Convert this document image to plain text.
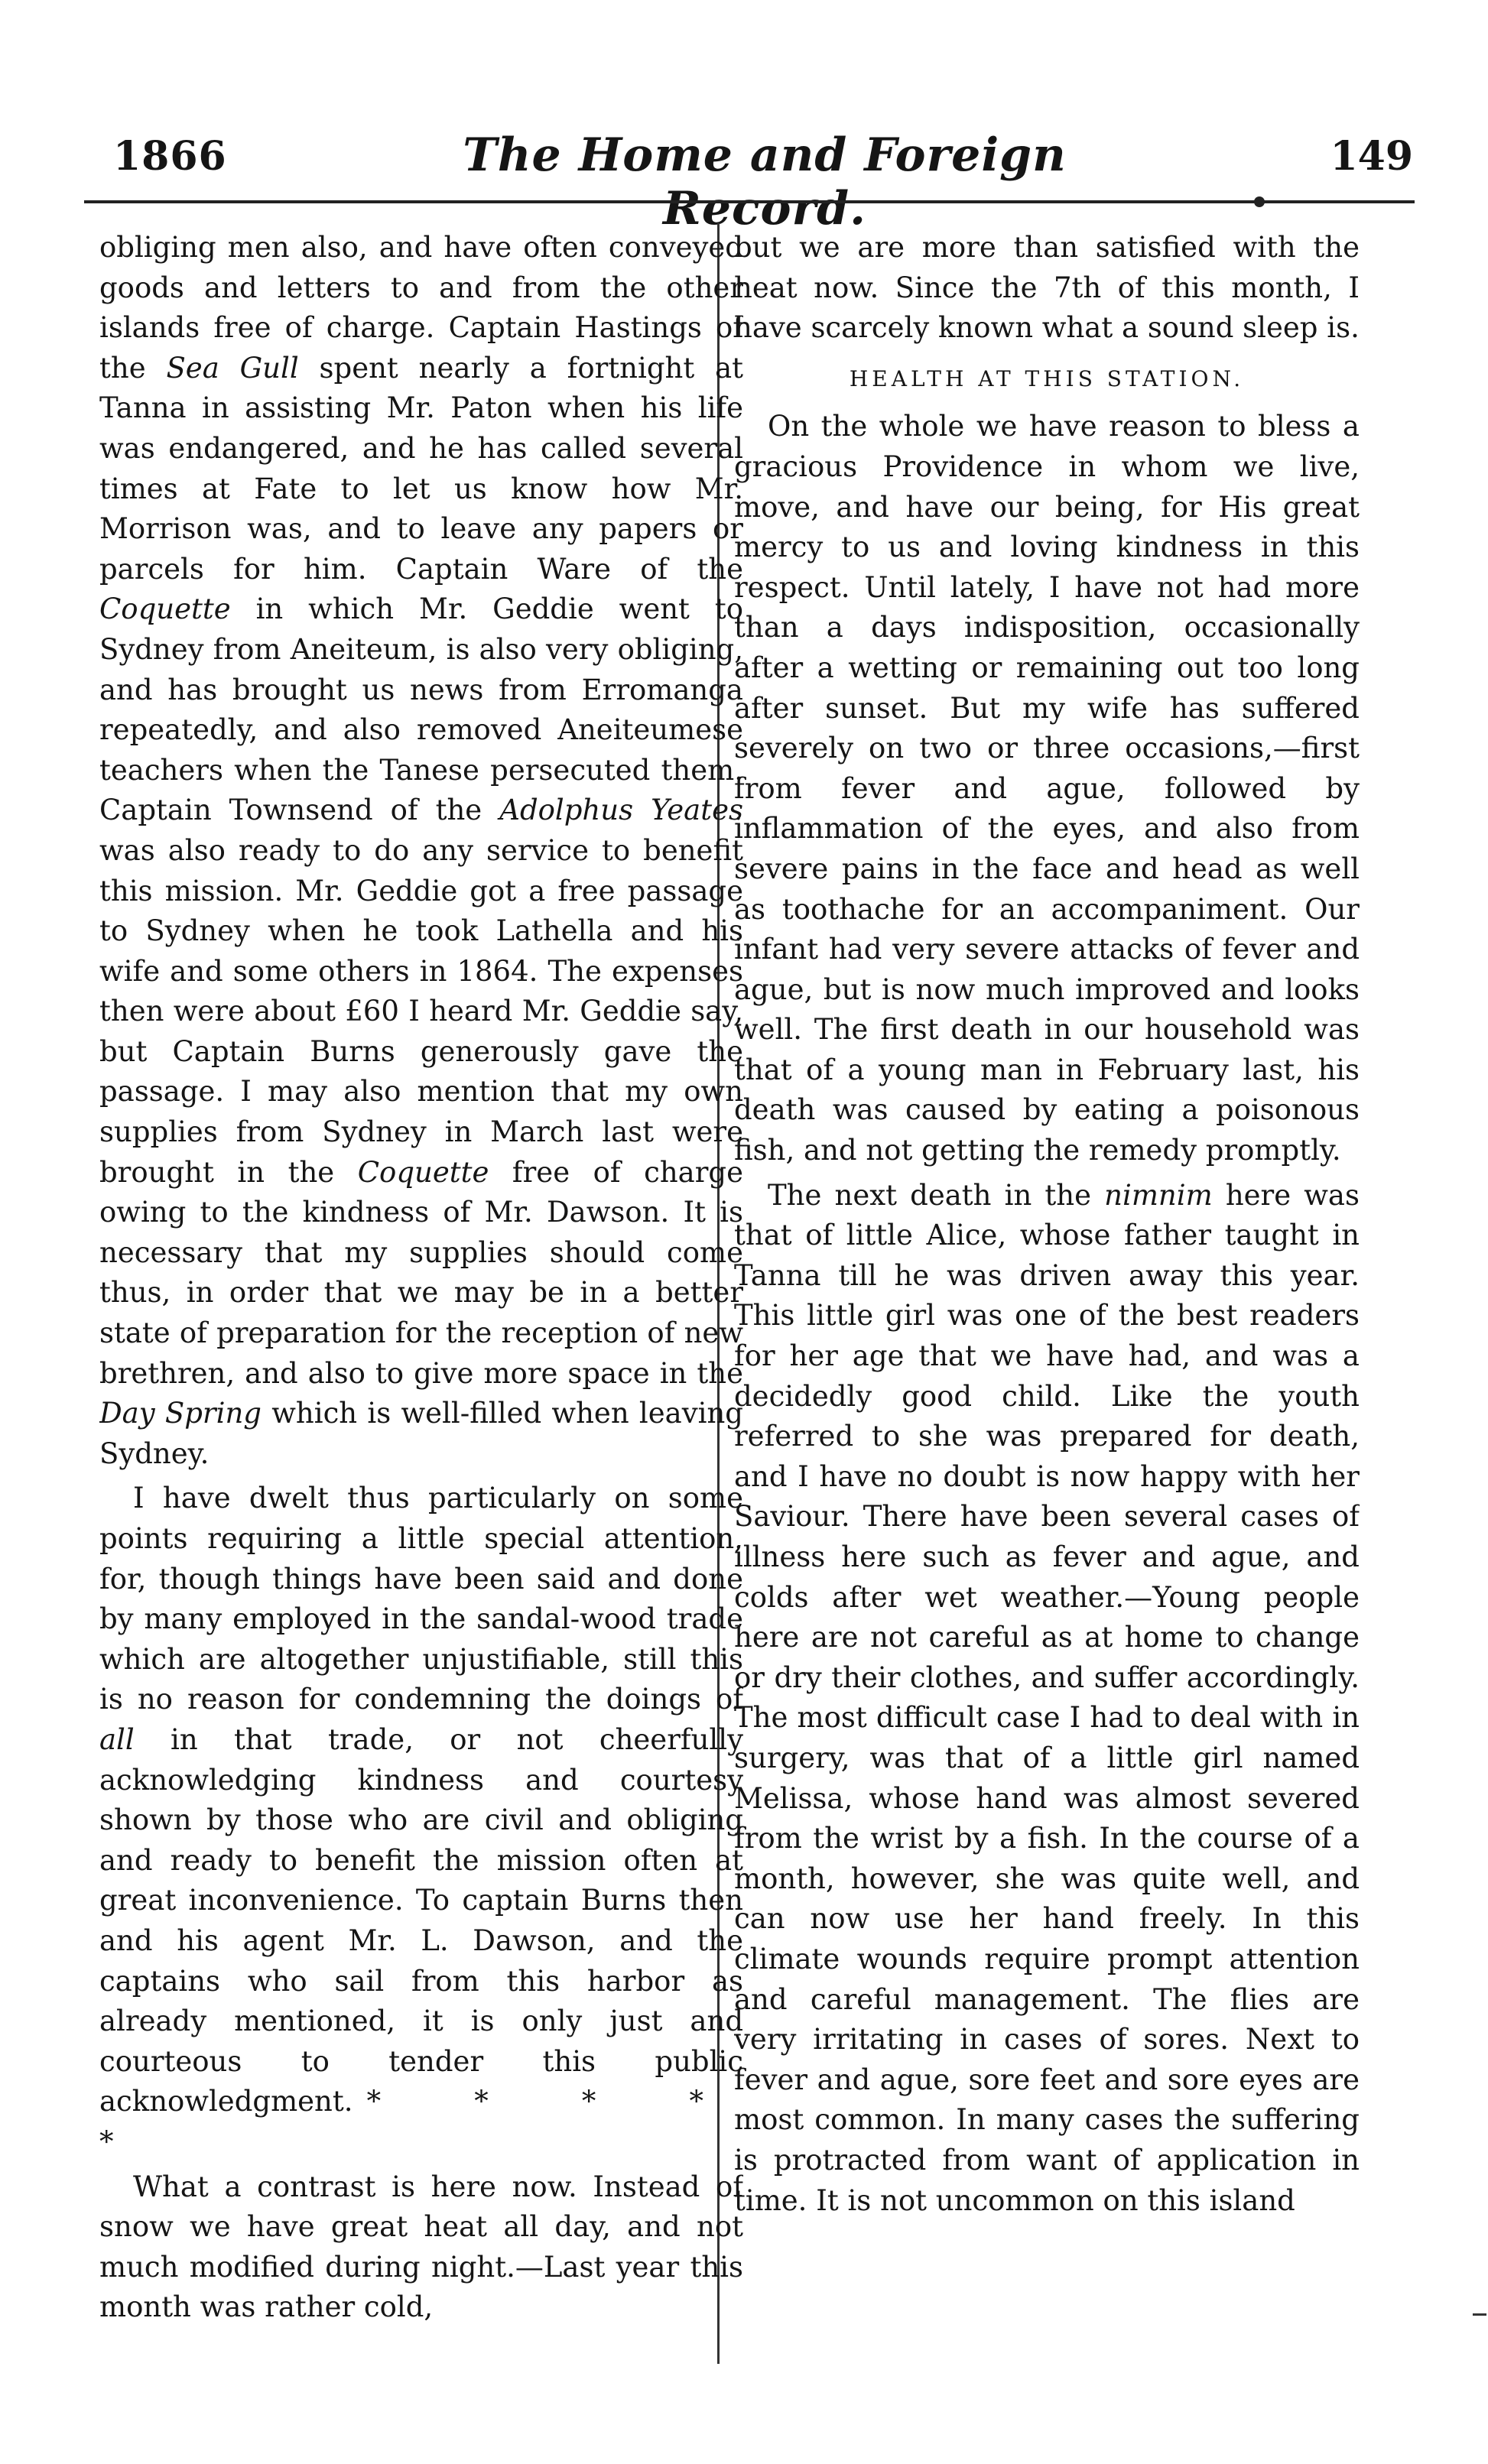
1866	The Home and Foreign Record.
149

obliging men also, and have often conveyed goods and letters to and from the other islands free of charge. Captain Hastings of the Sea Gull spent nearly a fortnight at Tanna in assisting Mr. Paton when his life was endangered, and he has called several times at Fate to let us know how Mr. Morrison was, and to leave any papers or parcels for him. Captain Ware of the Coquette in which Mr. Geddie went to Sydney from Aneiteum, is also very obliging, and has brought us news from Erromanga repeatedly, and also removed Aneiteumese teachers when the Tanese persecuted them. Captain Townsend of the Adolphus Yeates was also ready to do any service to benefit this mission. Mr. Geddie got a free passage to Sydney when he took Lathella and his wife and some others in 1864. The expenses then were about £60 I heard Mr. Geddie say, but Captain Burns generously gave the passage. I may also mention that my own supplies from Sydney in March last were brought in the Coquette free of charge owing to the kindness of Mr. Dawson. It is necessary that my supplies should come thus, in order that we may be in a better state of preparation for the reception of new brethren, and also to give more space in the Day Spring which is well-filled when leaving Sydney.

I have dwelt thus particularly on some points requiring a little special attention, for, though things have been said and done by many employed in the sandal-wood trade which are altogether unjustifiable, still this is no reason for condemning the doings of all in that trade, or not cheerfully acknowledging kindness and courtesy shown by those who are civil and obliging and ready to benefit the mission often at great inconvenience. To captain Burns then and his agent Mr. L. Dawson, and the captains who sail from this harbor as already mentioned, it is only just and courteous to tender this public acknowledgment. * * * * *

What a contrast is here now. Instead of snow we have great heat all day, and not much modified during night.—Last year this month was rather cold,

but we are more than satisfied with the heat now. Since the 7th of this month, I have scarcely known what a sound sleep is.

HEALTH AT THIS STATION.

On the whole we have reason to bless a gracious Providence in whom we live, move, and have our being, for His great mercy to us and loving kindness in this respect. Until lately, I have not had more than a days indisposition, occasionally after a wetting or remaining out too long after sunset. But my wife has suffered severely on two or three occasions,—first from fever and ague, followed by inflammation of the eyes, and also from severe pains in the face and head as well as toothache for an accompaniment. Our infant had very severe attacks of fever and ague, but is now much improved and looks well. The first death in our household was that of a young man in February last, his death was caused by eating a poisonous fish, and not getting the remedy promptly.

The next death in the nimnim here was that of little Alice, whose father taught in Tanna till he was driven away this year. This little girl was one of the best readers for her age that we have had, and was a decidedly good child. Like the youth referred to she was prepared for death, and I have no doubt is now happy with her Saviour. There have been several cases of illness here such as fever and ague, and colds after wet weather.—Young people here are not careful as at home to change or dry their clothes, and suffer accordingly. The most difficult case I had to deal with in surgery, was that of a little girl named Melissa, whose hand was almost severed from the wrist by a fish. In the course of a month, however, she was quite well, and can now use her hand freely. In this climate wounds require prompt attention and careful management. The flies are very irritating in cases of sores. Next to fever and ague, sore feet and sore eyes are most common. In many cases the suffering is protracted from want of application in time. It is not uncommon on this island
